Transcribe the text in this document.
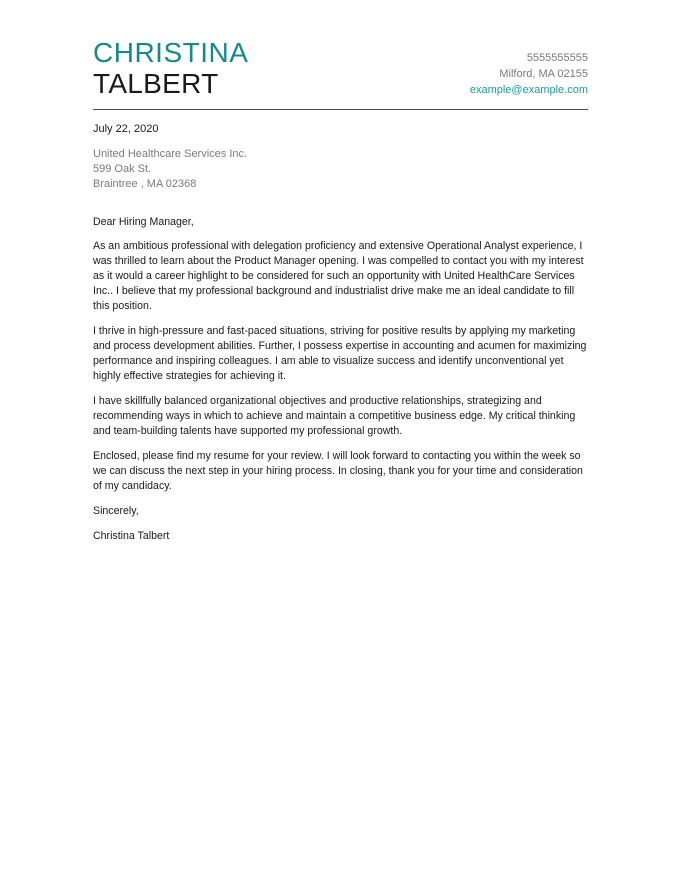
CHRISTINA
TALBERT
5555555555
Milford, MA 02155
example@example.com
July 22, 2020
United Healthcare Services Inc.
599 Oak St.
Braintree , MA 02368

Dear Hiring Manager,

As an ambitious professional with delegation proficiency and extensive Operational Analyst experience, I was thrilled to learn about the Product Manager opening. I was compelled to contact you with my interest as it would a career highlight to be considered for such an opportunity with United HealthCare Services Inc.. I believe that my professional background and industrialist drive make me an ideal candidate to fill this position.

I thrive in high-pressure and fast-paced situations, striving for positive results by applying my marketing and process development abilities. Further, I possess expertise in accounting and acumen for maximizing performance and inspiring colleagues. I am able to visualize success and identify unconventional yet highly effective strategies for achieving it.

I have skillfully balanced organizational objectives and productive relationships, strategizing and recommending ways in which to achieve and maintain a competitive business edge. My critical thinking and team-building talents have supported my professional growth.

Enclosed, please find my resume for your review. I will look forward to contacting you within the week so we can discuss the next step in your hiring process. In closing, thank you for your time and consideration of my candidacy.

Sincerely,

Christina Talbert
